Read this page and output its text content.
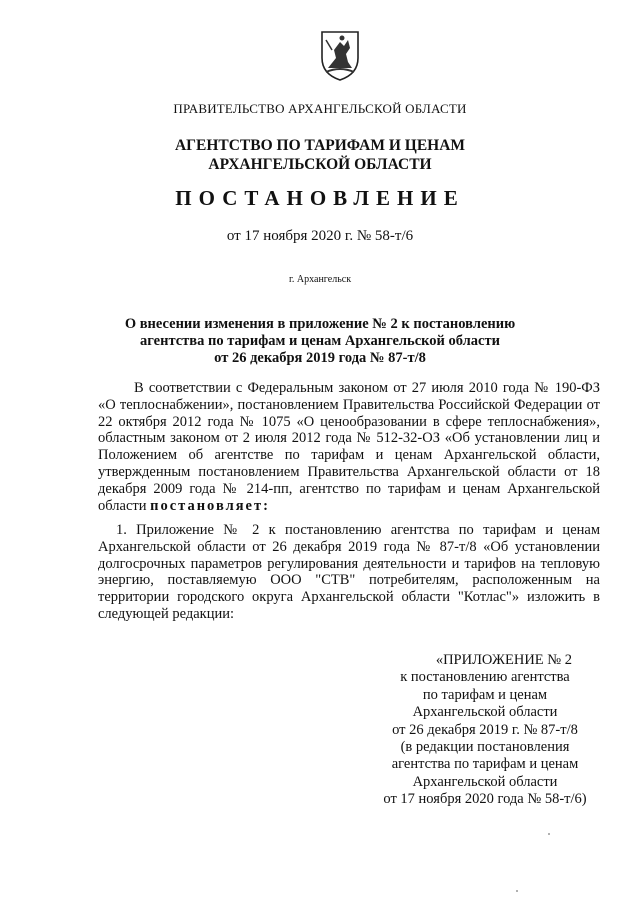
ПРАВИТЕЛЬСТВО АРХАНГЕЛЬСКОЙ ОБЛАСТИ
АГЕНТСТВО ПО ТАРИФАМ И ЦЕНАМ
АРХАНГЕЛЬСКОЙ ОБЛАСТИ
ПОСТАНОВЛЕНИЕ
от 17 ноября 2020 г. № 58-т/6
г. Архангельск
О внесении изменения в приложение № 2 к постановлению
агентства по тарифам и ценам Архангельской области
от 26 декабря 2019 года № 87-т/8
В соответствии с Федеральным законом от 27 июля 2010 года № 190-ФЗ «О теплоснабжении», постановлением Правительства Российской Федерации от 22 октября 2012 года № 1075 «О ценообразовании в сфере теплоснабжения», областным законом от 2 июля 2012 года № 512-32-ОЗ «Об установлении лиц и Положением об агентстве по тарифам и ценам Архангельской области, утвержденным постановлением Правительства Архангельской области от 18 декабря 2009 года № 214-пп, агентство по тарифам и ценам Архангельской области постановляет:
1. Приложение № 2 к постановлению агентства по тарифам и ценам Архангельской области от 26 декабря 2019 года № 87-т/8 «Об установлении долгосрочных параметров регулирования деятельности и тарифов на тепловую энергию, поставляемую ООО "СТВ" потребителям, расположенным на территории городского округа Архангельской области "Котлас"» изложить в следующей редакции:
«ПРИЛОЖЕНИЕ № 2
к постановлению агентства
по тарифам и ценам
Архангельской области
от 26 декабря 2019 г. № 87-т/8
(в редакции постановления
агентства по тарифам и ценам
Архангельской области
от 17 ноября 2020 года № 58-т/6)
